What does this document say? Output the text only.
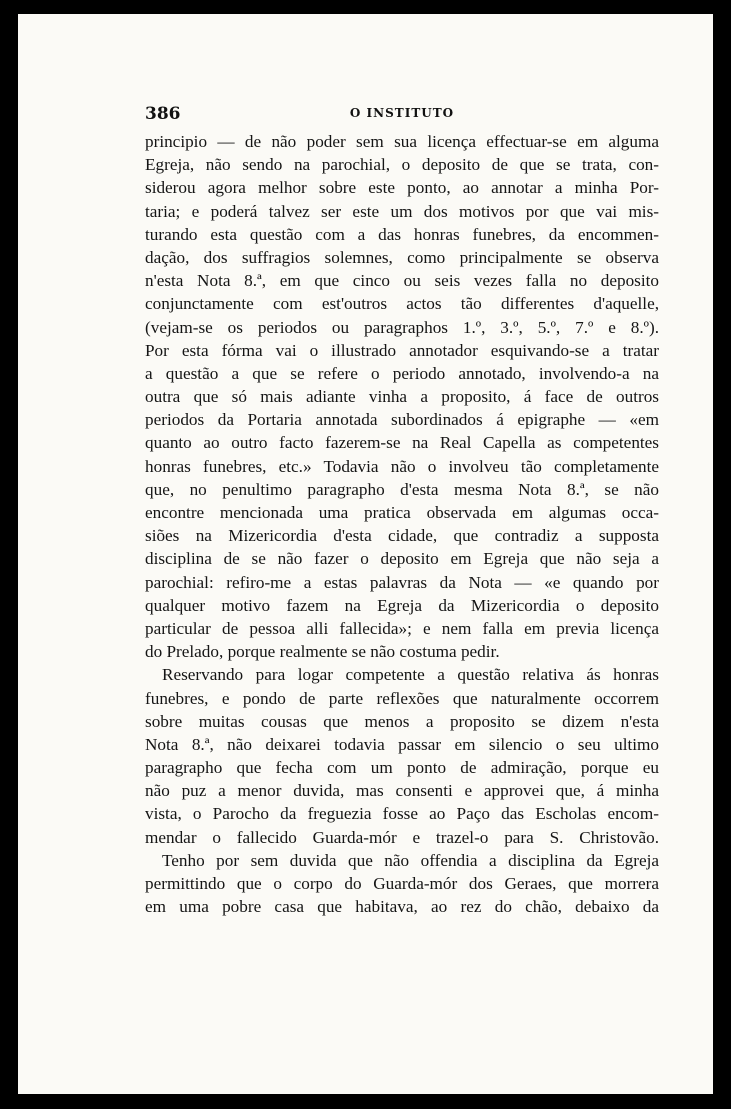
386	O INSTITUTO
principio — de não poder sem sua licença effectuar-se em alguma
Egreja, não sendo na parochial, o deposito de que se trata, con-
siderou agora melhor sobre este ponto, ao annotar a minha Por-
taria; e poderá talvez ser este um dos motivos por que vai mis-
turando esta questão com a das honras funebres, da encommen-
dação, dos suffragios solemnes, como principalmente se observa
n'esta Nota 8.ª, em que cinco ou seis vezes falla no deposito
conjunctamente com est'outros actos tão differentes d'aquelle,
(vejam-se os periodos ou paragraphos 1.º, 3.º, 5.º, 7.º e 8.º).
Por esta fórma vai o illustrado annotador esquivando-se a tratar
a questão a que se refere o periodo annotado, involvendo-a na
outra que só mais adiante vinha a proposito, á face de outros
periodos da Portaria annotada subordinados á epigraphe — «em
quanto ao outro facto fazerem-se na Real Capella as competentes
honras funebres, etc.» Todavia não o involveu tão completamente
que, no penultimo paragrapho d'esta mesma Nota 8.ª, se não
encontre mencionada uma pratica observada em algumas occa-
siões na Mizericordia d'esta cidade, que contradiz a supposta
disciplina de se não fazer o deposito em Egreja que não seja a
parochial: refiro-me a estas palavras da Nota — «e quando por
qualquer motivo fazem na Egreja da Mizericordia o deposito
particular de pessoa alli fallecida»; e nem falla em previa licença
do Prelado, porque realmente se não costuma pedir.
Reservando para logar competente a questão relativa ás honras
funebres, e pondo de parte reflexões que naturalmente occorrem
sobre muitas cousas que menos a proposito se dizem n'esta
Nota 8.ª, não deixarei todavia passar em silencio o seu ultimo
paragrapho que fecha com um ponto de admiração, porque eu
não puz a menor duvida, mas consenti e approvei que, á minha
vista, o Parocho da freguezia fosse ao Paço das Escholas encom-
mendar o fallecido Guarda-mór e trazel-o para S. Christovão.
Tenho por sem duvida que não offendia a disciplina da Egreja
permittindo que o corpo do Guarda-mór dos Geraes, que morrera
em uma pobre casa que habitava, ao rez do chão, debaixo da
